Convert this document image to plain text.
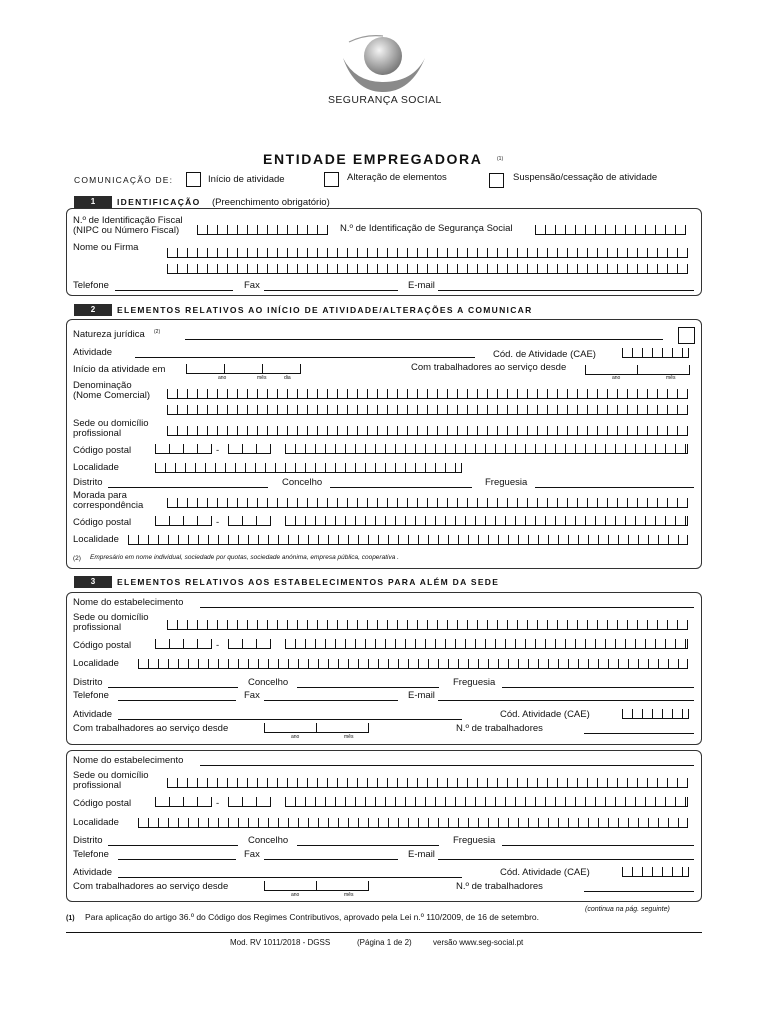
SEGURANÇA SOCIAL
ENTIDADE EMPREGADORA	(1)
COMUNICAÇÃO DE:	Início de atividade	Alteração de elementos	Suspensão/cessação de atividade
1	IDENTIFICAÇÃO (Preenchimento obrigatório)
N.º de Identificação Fiscal
(NIPC ou Número Fiscal)	N.º de Identificação de Segurança Social
Nome ou Firma
Telefone	Fax	E-mail
2	ELEMENTOS RELATIVOS AO INÍCIO DE ATIVIDADE/ALTERAÇÕES A COMUNICAR
Natureza jurídica (2)
Atividade	Cód. de Atividade (CAE)
Início da atividade em
ano	mês	dia
Com trabalhadores ao serviço desde
ano	mês
Denominação
(Nome Comercial)
Sede ou domicílio
profissional
Código postal	-
Localidade
Distrito	Concelho	Freguesia
Morada para
correspondência
Código postal	-
Localidade
(2) Empresário em nome individual, sociedade por quotas, sociedade anónima, empresa pública, cooperativa .
3	ELEMENTOS RELATIVOS AOS ESTABELECIMENTOS PARA ALÉM DA SEDE
Nome do estabelecimento
Sede ou domicílio
profissional
Código postal	-
Localidade
Distrito	Concelho	Freguesia
Telefone	Fax	E-mail
Atividade	Cód. Atividade (CAE)
Com trabalhadores ao serviço desde
ano	mês
N.º de trabalhadores
Nome do estabelecimento
Sede ou domicílio
profissional
Código postal	-
Localidade
Distrito	Concelho	Freguesia
Telefone	Fax	E-mail
Atividade	Cód. Atividade (CAE)
Com trabalhadores ao serviço desde
ano	mês
N.º de trabalhadores
(continua na pág. seguinte)
(1) Para aplicação do artigo 36.º do Código dos Regimes Contributivos, aprovado pela Lei n.º 110/2009, de 16 de setembro.
Mod. RV 1011/2018 - DGSS	(Página 1 de 2)	versão www.seg-social.pt
